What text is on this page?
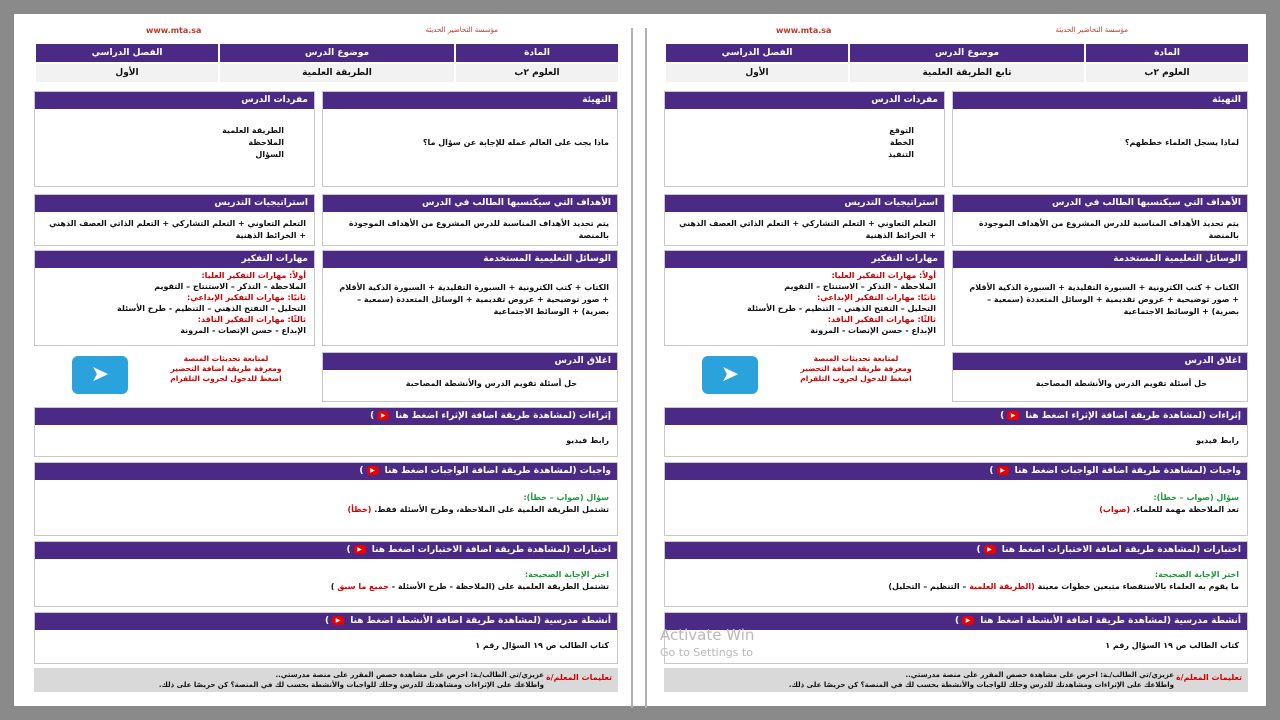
مؤسسة التحاضير الحديثة
www.mta.sa
المادة
موضوع الدرس
الفصل الدراسي
العلوم ٢ب
تابع الطريقة العلمية
الأول
التهيئة
لماذا يسجل العلماء خططهم؟
مفردات الدرس
التوقع
الخطة
التنفيذ
الأهداف التي سيكتسبها الطالب في الدرس
يتم تحديد الأهداف المناسبة للدرس المشروع من الأهداف الموجودة بالمنصة
استراتيجيات التدريس
التعلم التعاوني + التعلم التشاركي + التعلم الذاتي العصف الذهني + الخرائط الذهنية
الوسائل التعليمية المستخدمة
الكتاب + كتب الكترونية + السبورة التقليدية + السبورة الذكية الأقلام + صور توضيحية + عروض تقديمية + الوسائل المتعددة (سمعية – بصرية) + الوسائط الاجتماعية
مهارات التفكير
أولاً: مهارات التفكير العليا:
الملاحظة – التذكر – الاستنتاج – التقويم
ثانيًا: مهارات التفكير الإبداعي:
التحليل – التفتح الذهني – التنظيم - طرح الأسئلة
ثالثًا: مهارات التفكير الناقد:
الإبداع - حسن الإنصات - المرونة
اغلاق الدرس
حل أسئلة تقويم الدرس والأنشطة المصاحبة
لمتابعة تحديثات المنصة
ومعرفة طريقة اضافة التحضير
اضغط للدخول لجروب التلقرام
➤
إثراءات (لمشاهدة طريقة اضافة الإثراء اضغط هنا ▶)
رابط فيديو
واجبات (لمشاهدة طريقة اضافة الواجبات اضغط هنا ▶)
سؤال (صواب – خطأ):
تعد الملاحظة مهمة للعلماء. (صواب)
اختبارات (لمشاهدة طريقة اضافة الاختبارات اضغط هنا ▶)
اختر الإجابة الصحيحة:
ما يقوم به العلماء بالاستقصاء متبعين خطوات معينة (الطريقة العلمية – التنظيم – التحليل)
أنشطة مدرسية (لمشاهدة طريقة اضافة الأنشطة اضغط هنا ▶)
كتاب الطالب ص ١٩ السؤال رقم ١
تعليمات المعلم/ة
عزيزي/تي الطالب/ـة: احرص على مشاهدة حصص المقرر على منصة مدرستي..
واطلاعك على الإثراءات ومشاهدتك للدرس وحلك للواجبات والأنشطة بحسب لك في المنصة؟ كن حريصًا على ذلك.
Activate Win
Go to Settings to
مؤسسة التحاضير الحديثة
www.mta.sa
المادة
موضوع الدرس
الفصل الدراسي
العلوم ٢ب
الطريقة العلمية
الأول
التهيئة
ماذا يجب على العالم عمله للإجابة عن سؤال ما؟
مفردات الدرس
الطريقة العلمية
الملاحظة
السؤال
الأهداف التي سيكتسبها الطالب في الدرس
يتم تحديد الأهداف المناسبة للدرس المشروع من الأهداف الموجودة بالمنصة
استراتيجيات التدريس
التعلم التعاوني + التعلم التشاركي + التعلم الذاتي العصف الذهني + الخرائط الذهنية
الوسائل التعليمية المستخدمة
الكتاب + كتب الكترونية + السبورة التقليدية + السبورة الذكية الأقلام + صور توضيحية + عروض تقديمية + الوسائل المتعددة (سمعية – بصرية) + الوسائط الاجتماعية
مهارات التفكير
أولاً: مهارات التفكير العليا:
الملاحظة – التذكر – الاستنتاج – التقويم
ثانيًا: مهارات التفكير الإبداعي:
التحليل – التفتح الذهني – التنظيم - طرح الأسئلة
ثالثًا: مهارات التفكير الناقد:
الإبداع - حسن الإنصات - المرونة
اغلاق الدرس
حل أسئلة تقويم الدرس والأنشطة المصاحبة
لمتابعة تحديثات المنصة
ومعرفة طريقة اضافة التحضير
اضغط للدخول لجروب التلقرام
➤
إثراءات (لمشاهدة طريقة اضافة الإثراء اضغط هنا ▶)
رابط فيديو
واجبات (لمشاهدة طريقة اضافة الواجبات اضغط هنا ▶)
سؤال (صواب – خطأ):
تشتمل الطريقة العلمية على الملاحظة، وطرح الأسئلة فقط. (خطأ)
اختبارات (لمشاهدة طريقة اضافة الاختبارات اضغط هنا ▶)
اختر الإجابة الصحيحة:
تشتمل الطريقة العلمية على (الملاحظة - طرح الأسئلة - جميع ما سبق )
أنشطة مدرسية (لمشاهدة طريقة اضافة الأنشطة اضغط هنا ▶)
كتاب الطالب ص ١٩ السؤال رقم ١
تعليمات المعلم/ة
عزيزي/تي الطالب/ـة: احرص على مشاهدة حصص المقرر على منصة مدرستي..
واطلاعك على الإثراءات ومشاهدتك للدرس وحلك للواجبات والأنشطة بحسب لك في المنصة؟ كن حريصًا على ذلك.
